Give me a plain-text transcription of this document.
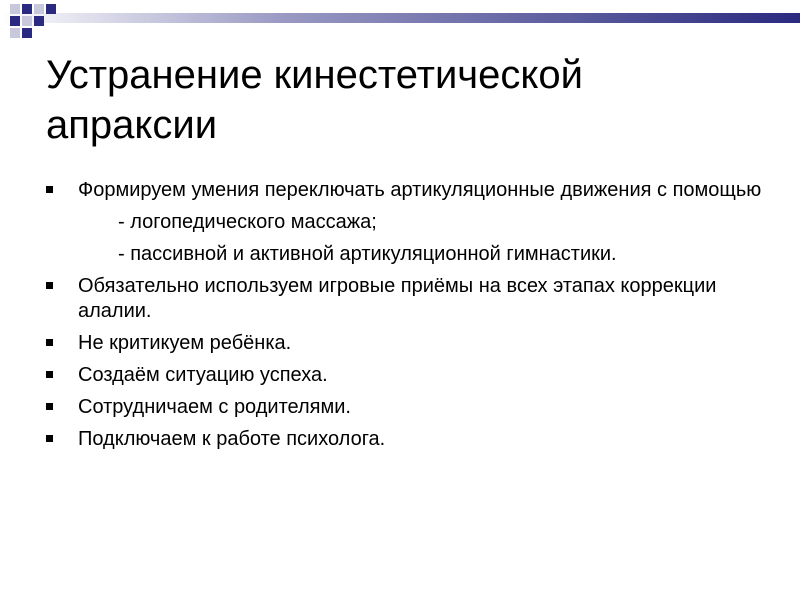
Устранение кинестетической
апраксии
Формируем умения переключать артикуляционные движения с помощью
- логопедического массажа;
- пассивной и активной артикуляционной гимнастики.
Обязательно используем игровые приёмы на всех этапах коррекции алалии.
Не критикуем ребёнка.
Создаём ситуацию успеха.
Сотрудничаем с родителями.
Подключаем к работе психолога.
